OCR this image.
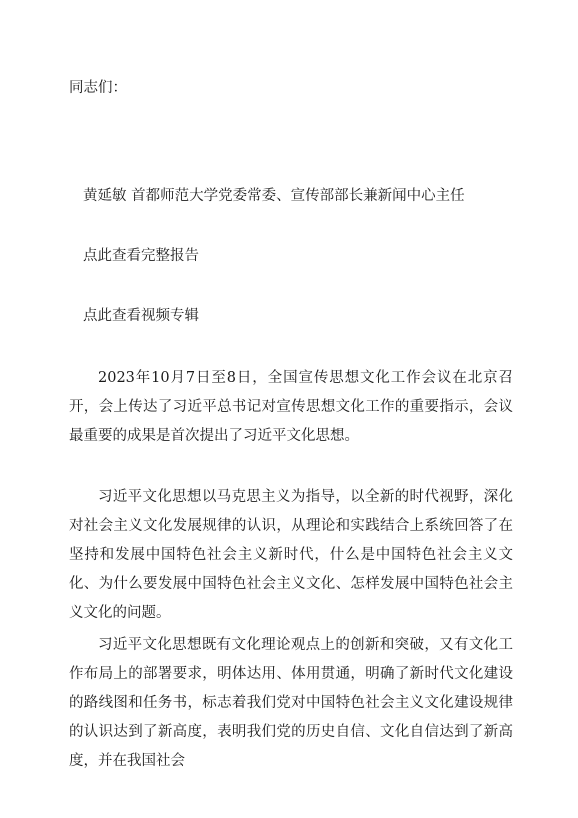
同志们：
黄延敏 首都师范大学党委常委、宣传部部长兼新闻中心主任
点此查看完整报告
点此查看视频专辑

2023年10月7日至8日，全国宣传思想文化工作会议在北京召开，会上传达了习近平总书记对宣传思想文化工作的重要指示，会议最重要的成果是首次提出了习近平文化思想。

习近平文化思想以马克思主义为指导，以全新的时代视野，深化对社会主义文化发展规律的认识，从理论和实践结合上系统回答了在坚持和发展中国特色社会主义新时代，什么是中国特色社会主义文化、为什么要发展中国特色社会主义文化、怎样发展中国特色社会主义文化的问题。

习近平文化思想既有文化理论观点上的创新和突破，又有文化工作布局上的部署要求，明体达用、体用贯通，明确了新时代文化建设的路线图和任务书，标志着我们党对中国特色社会主义文化建设规律的认识达到了新高度，表明我们党的历史自信、文化自信达到了新高度，并在我国社会
